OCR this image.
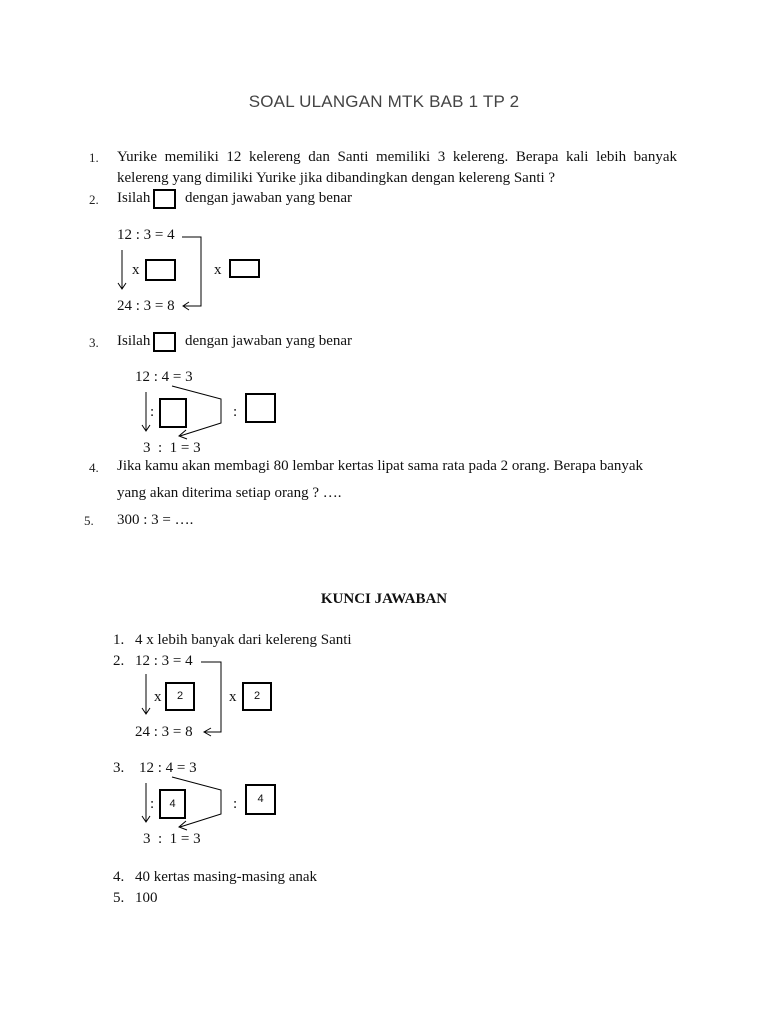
SOAL ULANGAN MTK BAB 1 TP 2
1. Yurike memiliki 12 kelereng dan Santi memiliki 3 kelereng. Berapa kali lebih banyak kelereng yang dimiliki Yurike jika dibandingkan dengan kelereng Santi ?
2. Isilah dengan jawaban yang benar
12 : 3 = 4
x	x
24 : 3 = 8
3. Isilah dengan jawaban yang benar
12 : 4 = 3
:	:
3  :  1 = 3
4. Jika kamu akan membagi 80 lembar kertas lipat sama rata pada 2 orang. Berapa banyak
yang akan diterima setiap orang ? ….
5. 300 : 3 = ….
KUNCI JAWABAN
1. 4 x lebih banyak dari kelereng Santi
2. 12 : 3 = 4
x	2	x	2
24 : 3 = 8
3. 12 : 4 = 3
:	4	:	4
3  :  1 = 3
4. 40 kertas masing-masing anak
5. 100
